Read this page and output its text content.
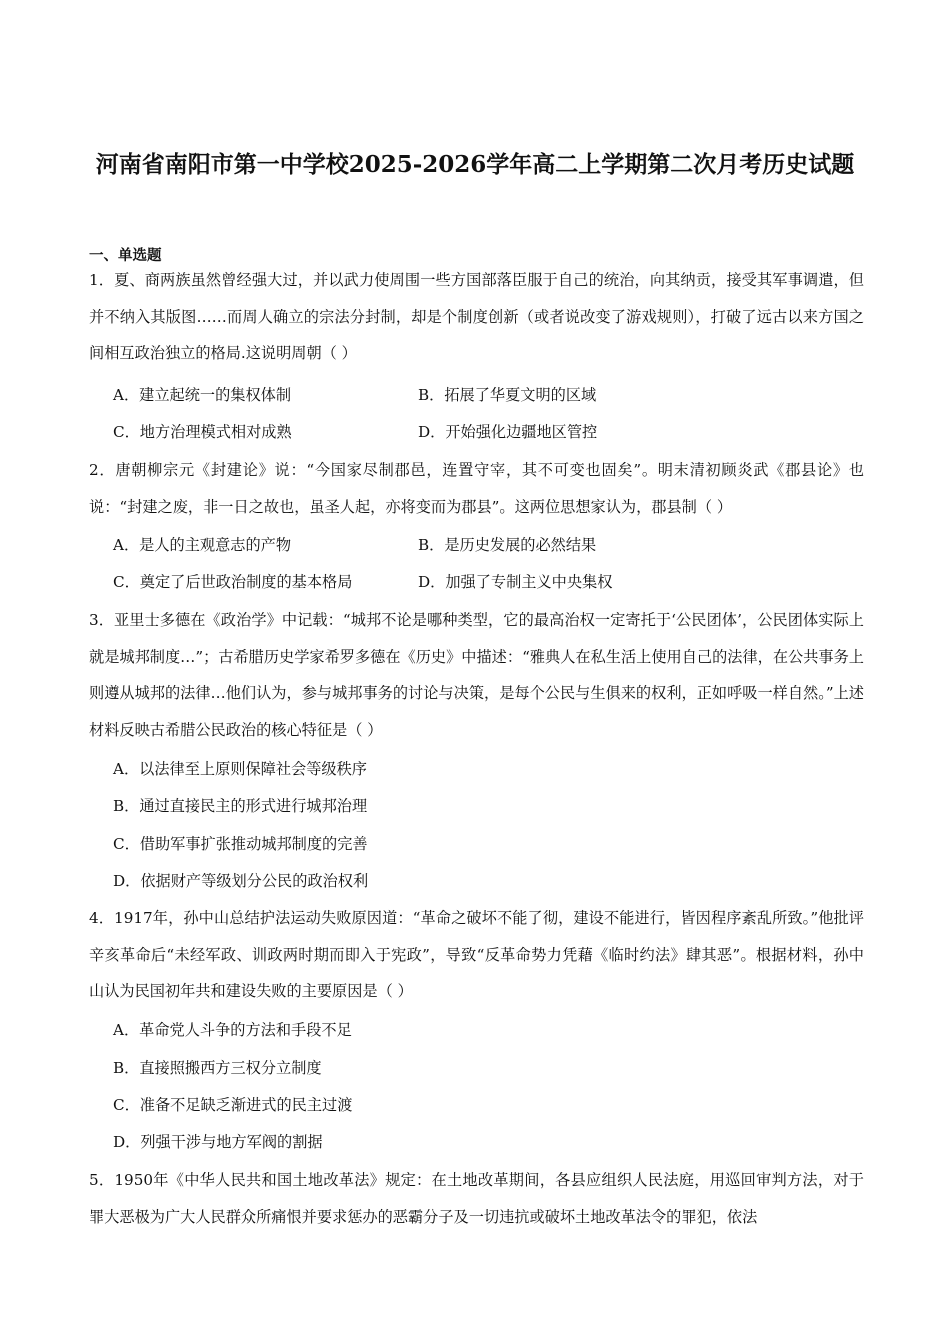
河南省南阳市第一中学校2025-2026学年高二上学期第二次月考历史试题
一、单选题
1．夏、商两族虽然曾经强大过，并以武力使周围一些方国部落臣服于自己的统治，向其纳贡，接受其军事调遣，但并不纳入其版图……而周人确立的宗法分封制，却是个制度创新（或者说改变了游戏规则），打破了远古以来方国之间相互政治独立的格局.这说明周朝（ ）
A．建立起统一的集权体制	B．拓展了华夏文明的区域
C．地方治理模式相对成熟	D．开始强化边疆地区管控
2．唐朝柳宗元《封建论》说：“今国家尽制郡邑，连置守宰，其不可变也固矣”。明末清初顾炎武《郡县论》也说：“封建之废，非一日之故也，虽圣人起，亦将变而为郡县”。这两位思想家认为，郡县制（ ）
A．是人的主观意志的产物	B．是历史发展的必然结果
C．奠定了后世政治制度的基本格局	D．加强了专制主义中央集权
3．亚里士多德在《政治学》中记载：“城邦不论是哪种类型，它的最高治权一定寄托于‘公民团体’，公民团体实际上就是城邦制度…”；古希腊历史学家希罗多德在《历史》中描述：“雅典人在私生活上使用自己的法律，在公共事务上则遵从城邦的法律…他们认为，参与城邦事务的讨论与决策，是每个公民与生俱来的权利，正如呼吸一样自然。”上述材料反映古希腊公民政治的核心特征是（ ）
A．以法律至上原则保障社会等级秩序
B．通过直接民主的形式进行城邦治理
C．借助军事扩张推动城邦制度的完善
D．依据财产等级划分公民的政治权利
4．1917年，孙中山总结护法运动失败原因道：“革命之破坏不能了彻，建设不能进行，皆因程序紊乱所致。”他批评辛亥革命后“未经军政、训政两时期而即入于宪政”，导致“反革命势力凭藉《临时约法》肆其恶”。根据材料，孙中山认为民国初年共和建设失败的主要原因是（ ）
A．革命党人斗争的方法和手段不足
B．直接照搬西方三权分立制度
C．准备不足缺乏渐进式的民主过渡
D．列强干涉与地方军阀的割据
5．1950年《中华人民共和国土地改革法》规定：在土地改革期间，各县应组织人民法庭，用巡回审判方法，对于罪大恶极为广大人民群众所痛恨并要求惩办的恶霸分子及一切违抗或破坏土地改革法令的罪犯，依法
